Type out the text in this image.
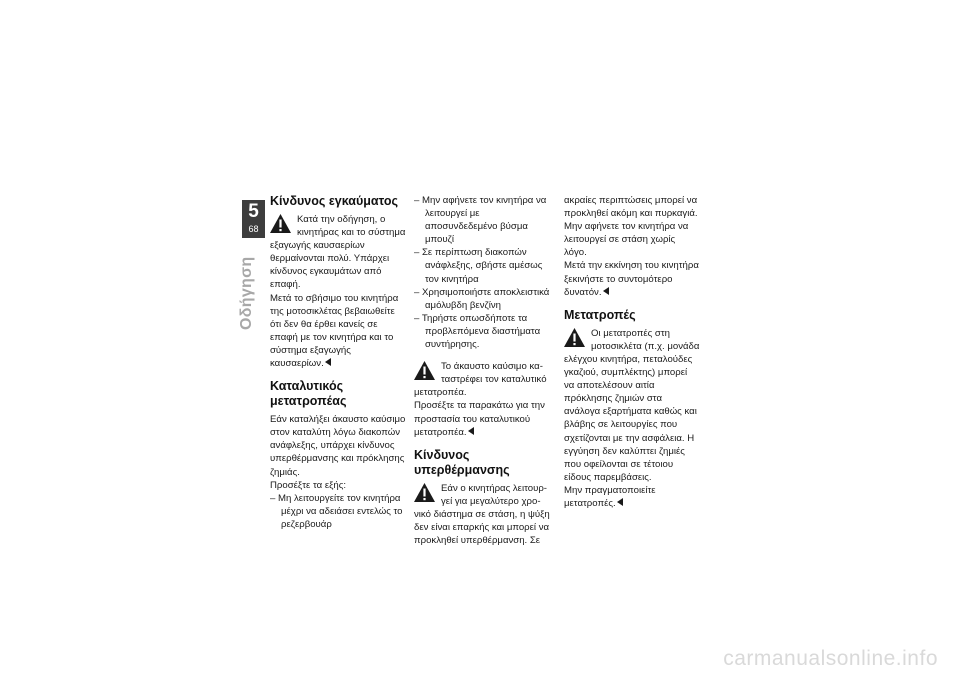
5
68
Οδήγηση
Κίνδυνος εγκαύματος

Κατά την οδήγηση, ο κινητήρας και το σύστημα εξαγωγής καυσαερίων θερμαίνονται πολύ. Υπάρχει κίνδυνος εγκαυμάτων από επαφή.

Μετά το σβήσιμο του κινητήρα της μοτοσικλέτας βεβαιωθείτε ότι δεν θα έρθει κανείς σε επαφή με τον κινητήρα και το σύστημα εξαγωγής καυσαερίων.

Καταλυτικός μετατροπέας

Εάν καταλήξει άκαυστο καύσιμο στον καταλύτη λόγω διακοπών ανάφλεξης, υπάρχει κίνδυνος υπερθέρμανσης και πρόκλησης ζημιάς.

Προσέξτε τα εξής:

– Μη λειτουργείτε τον κινητήρα μέχρι να αδειάσει εντελώς το ρεζερβουάρ

– Μην αφήνετε τον κινητήρα να λειτουργεί με αποσυνδεδεμένο βύσμα μπουζί

– Σε περίπτωση διακοπών ανάφλεξης, σβήστε αμέσως τον κινητήρα

– Χρησιμοποιήστε αποκλειστικά αμόλυβδη βενζίνη

– Τηρήστε οπωσδήποτε τα προβλεπόμενα διαστήματα συντήρησης.

Το άκαυστο καύσιμο καταστρέφει τον καταλυτικό μετατροπέα.

Προσέξτε τα παρακάτω για την προστασία του καταλυτικού μετατροπέα.

Κίνδυνος υπερθέρμανσης

Εάν ο κινητήρας λειτουργεί για μεγαλύτερο χρονικό διάστημα σε στάση, η ψύξη δεν είναι επαρκής και μπορεί να προκληθεί υπερθέρμανση. Σε

ακραίες περιπτώσεις μπορεί να προκληθεί ακόμη και πυρκαγιά.

Μην αφήνετε τον κινητήρα να λειτουργεί σε στάση χωρίς λόγο.

Μετά την εκκίνηση του κινητήρα ξεκινήστε το συντομότερο δυνατόν.

Μετατροπές

Οι μετατροπές στη μοτοσικλέτα (π.χ. μονάδα ελέγχου κινητήρα, πεταλούδες γκαζιού, συμπλέκτης) μπορεί να αποτελέσουν αιτία πρόκλησης ζημιών στα ανάλογα εξαρτήματα καθώς και βλάβης σε λειτουργίες που σχετίζονται με την ασφάλεια. Η εγγύηση δεν καλύπτει ζημιές που οφείλονται σε τέτοιου είδους παρεμβάσεις.

Μην πραγματοποιείτε μετατροπές.

carmanualsonline.info
